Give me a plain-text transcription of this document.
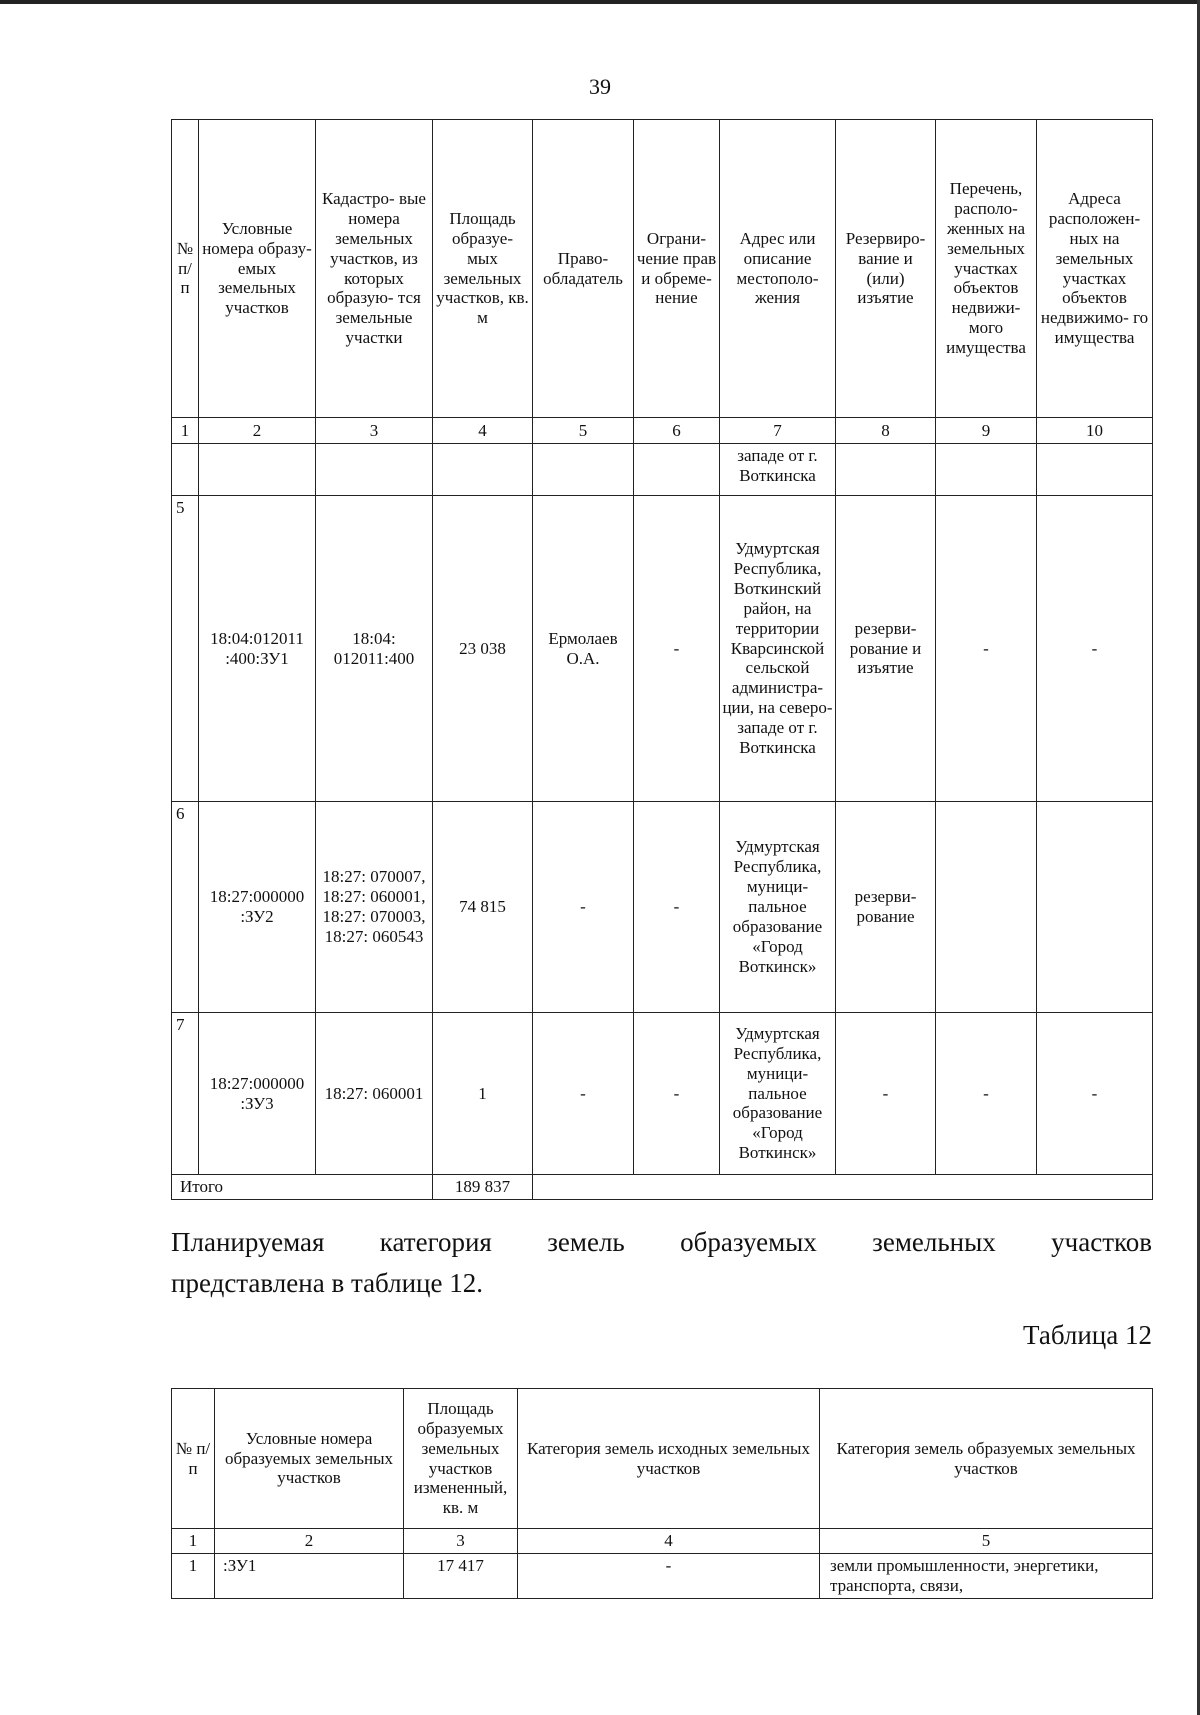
39
№ п/п	Условные номера образу- емых земельных участков	Кадастро- вые номера земельных участков, из которых образую- тся земельные участки	Площадь образуе- мых земельных участков, кв. м	Право- обладатель	Ограни- чение прав и обреме- нение	Адрес или описание местополо- жения	Резервиро- вание и (или) изъятие	Перечень, располо- женных на земельных участках объектов недвижи- мого имущества	Адреса расположен- ных на земельных участках объектов недвижимо- го имущества
1	2	3	4	5	6	7	8	9	10
						западе от г. Воткинска			
5	18:04:012011 :400:ЗУ1	18:04: 012011:400	23 038	Ермолаев О.А.	-	Удмуртская Республика, Воткинский район, на территории Кварсинской сельской администра- ции, на северо- западе от г. Воткинска	резерви- рование и изъятие	-	-
6	18:27:000000 :ЗУ2	18:27: 070007, 18:27: 060001, 18:27: 070003, 18:27: 060543	74 815	-	-	Удмуртская Республика, муници- пальное образование «Город Воткинск»	резерви- рование		
7	18:27:000000 :ЗУ3	18:27: 060001	1	-	-	Удмуртская Республика, муници- пальное образование «Город Воткинск»	-	-	-
Итого			189 837						
Планируемая категория земель образуемых земельных участков
представлена в таблице 12.
Таблица 12
№ п/п	Условные номера образуемых земельных участков	Площадь образуемых земельных участков измененный, кв. м	Категория земель исходных земельных участков	Категория земель образуемых земельных участков
1	2	3	4	5
1	:ЗУ1	17 417	-	земли промышленности, энергетики, транспорта, связи,
